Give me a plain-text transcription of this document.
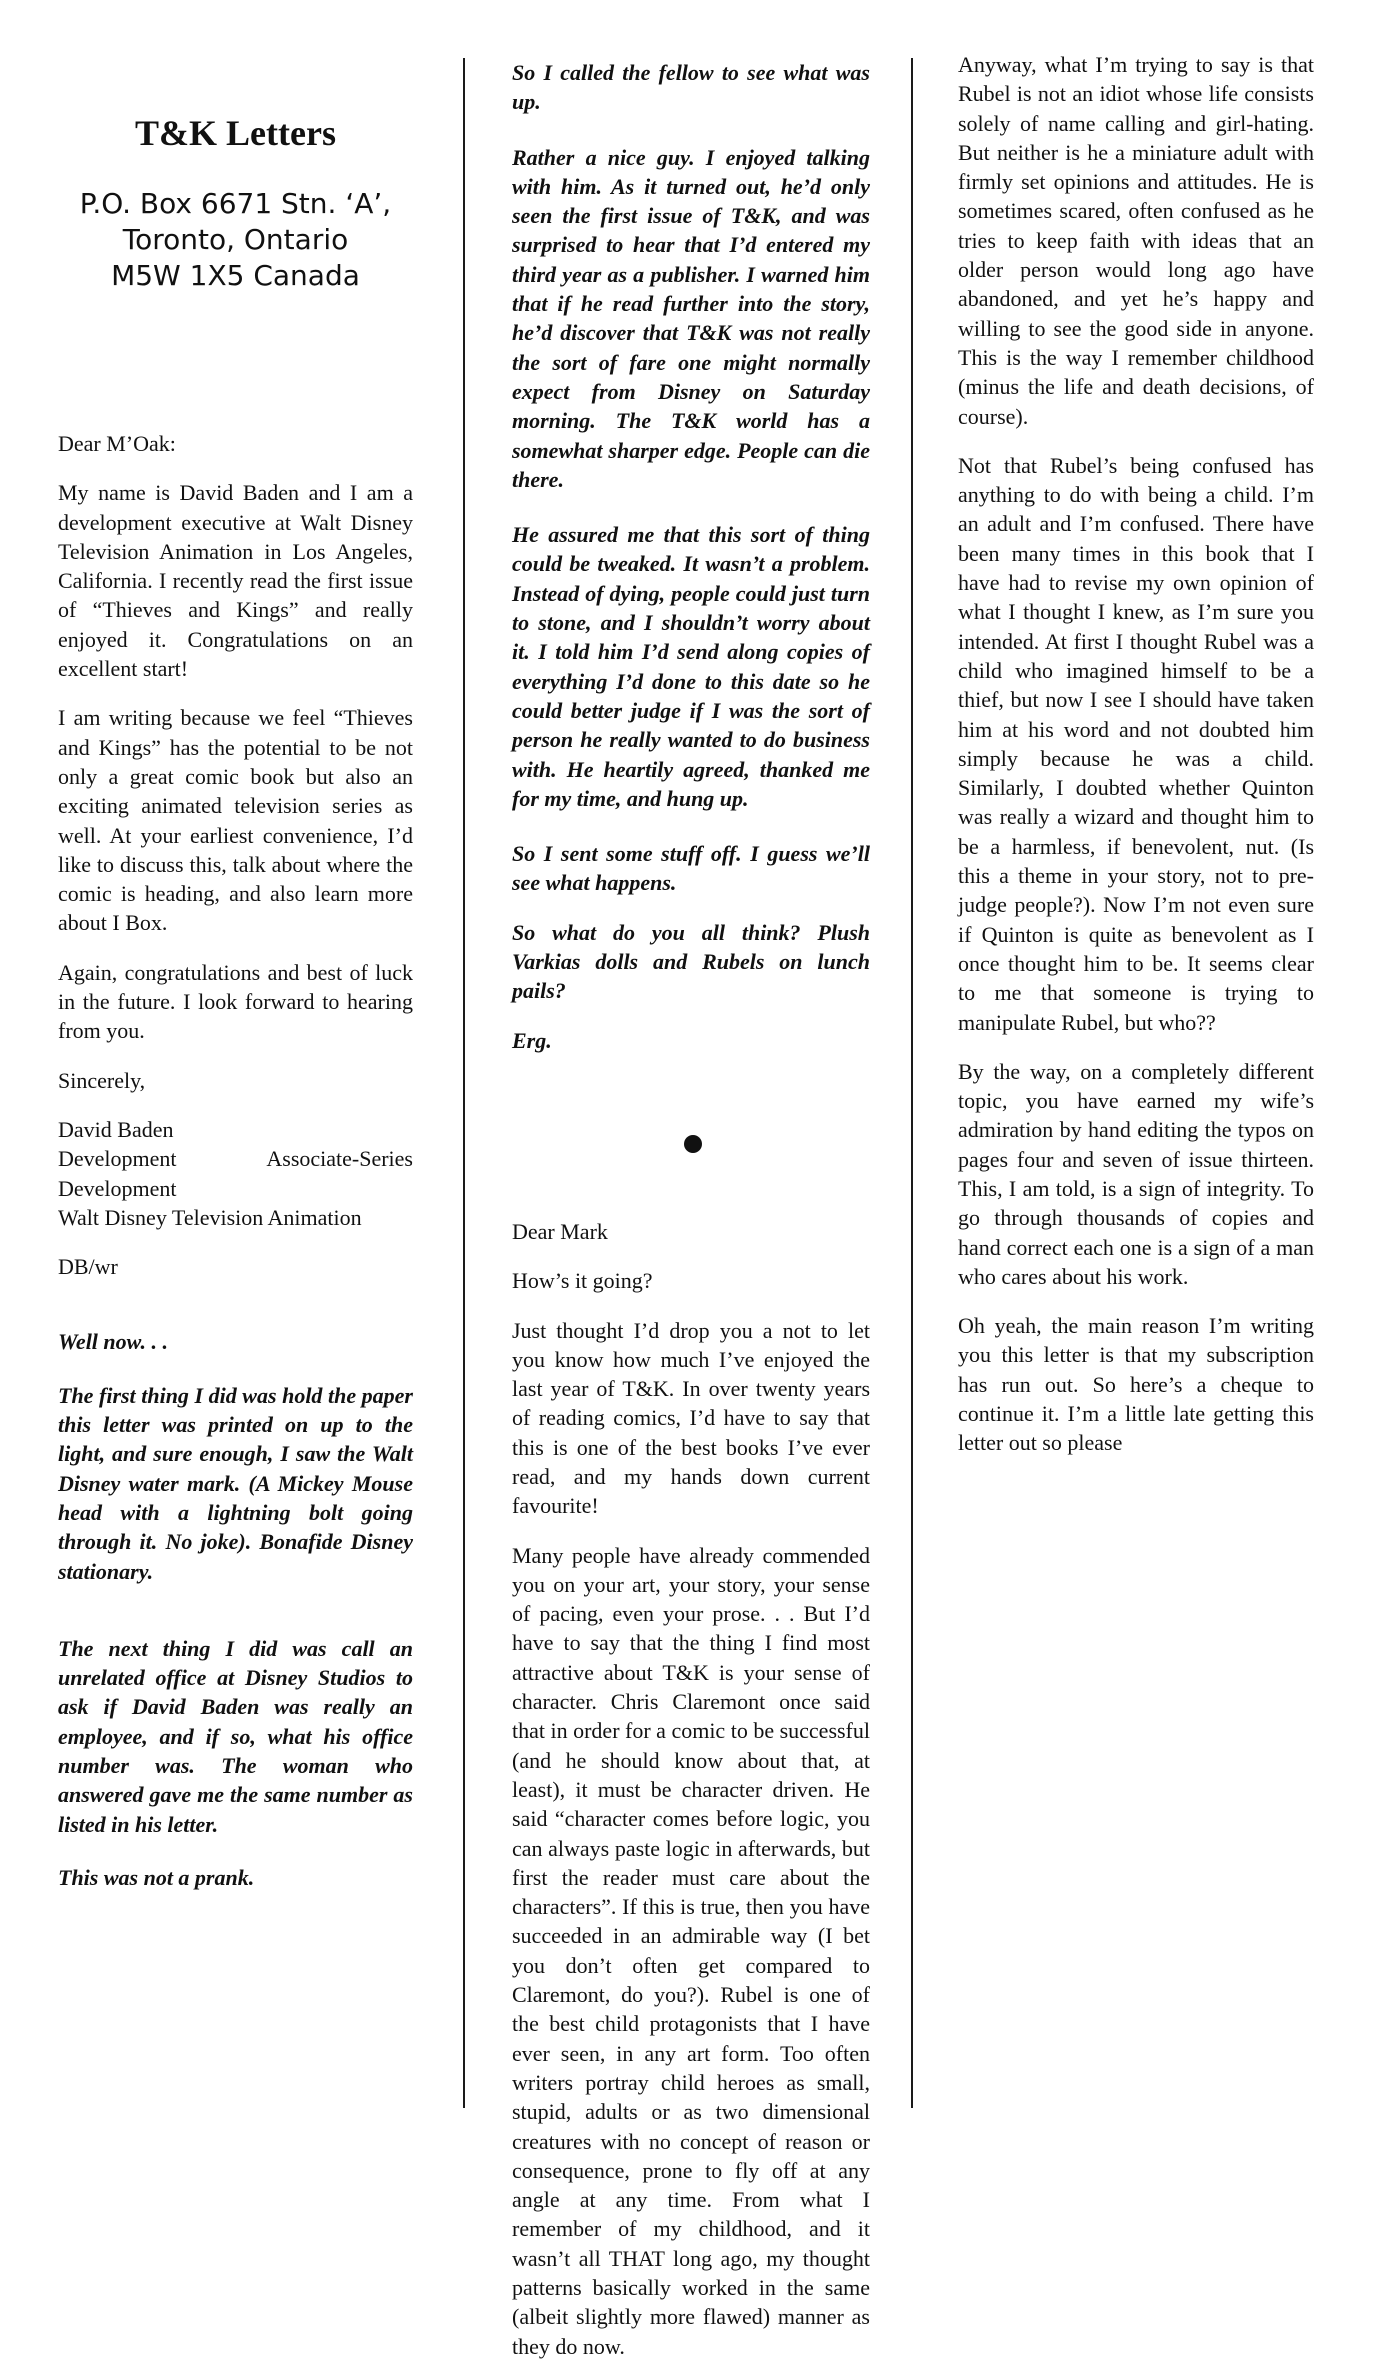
T&K Letters
P.O. Box 6671 Stn. ‘A’,
Toronto, Ontario
M5W 1X5 Canada

Dear M’Oak:

My name is David Baden and I am a development executive at Walt Disney Television Animation in Los Angeles, California. I recently read the first issue of “Thieves and Kings” and really enjoyed it. Congratulations on an excellent start!

I am writing because we feel “Thieves and Kings” has the potential to be not only a great comic book but also an exciting animated television series as well. At your earliest convenience, I’d like to discuss this, talk about where the comic is heading, and also learn more about I Box.

Again, congratulations and best of luck in the future. I look forward to hearing from you.

Sincerely,

David Baden
Development Associate-Series Development
Walt Disney Television Animation

DB/wr

Well now. . .

The first thing I did was hold the paper this letter was printed on up to the light, and sure enough, I saw the Walt Disney water mark. (A Mickey Mouse head with a lightning bolt going through it. No joke). Bonafide Disney stationary.

The next thing I did was call an unrelated office at Disney Studios to ask if David Baden was really an employee, and if so, what his office number was. The woman who answered gave me the same number as listed in his letter.

This was not a prank.

So I called the fellow to see what was up.

Rather a nice guy. I enjoyed talking with him. As it turned out, he’d only seen the first issue of T&K, and was surprised to hear that I’d entered my third year as a publisher. I warned him that if he read further into the story, he’d discover that T&K was not really the sort of fare one might normally expect from Disney on Saturday morning. The T&K world has a somewhat sharper edge. People can die there.

He assured me that this sort of thing could be tweaked. It wasn’t a problem. Instead of dying, people could just turn to stone, and I shouldn’t worry about it. I told him I’d send along copies of everything I’d done to this date so he could better judge if I was the sort of person he really wanted to do business with. He heartily agreed, thanked me for my time, and hung up.

So I sent some stuff off. I guess we’ll see what happens.

So what do you all think? Plush Varkias dolls and Rubels on lunch pails?

Erg.

Dear Mark

How’s it going?

Just thought I’d drop you a not to let you know how much I’ve enjoyed the last year of T&K. In over twenty years of reading comics, I’d have to say that this is one of the best books I’ve ever read, and my hands down current favourite!

Many people have already commended you on your art, your story, your sense of pacing, even your prose. . . But I’d have to say that the thing I find most attractive about T&K is your sense of character. Chris Claremont once said that in order for a comic to be successful (and he should know about that, at least), it must be character driven. He said “character comes before logic, you can always paste logic in afterwards, but first the reader must care about the characters”. If this is true, then you have succeeded in an admirable way (I bet you don’t often get compared to Claremont, do you?). Rubel is one of the best child protagonists that I have ever seen, in any art form. Too often writers portray child heroes as small, stupid, adults or as two dimensional creatures with no concept of reason or consequence, prone to fly off at any angle at any time. From what I remember of my childhood, and it wasn’t all THAT long ago, my thought patterns basically worked in the same (albeit slightly more flawed) manner as they do now.

Anyway, what I’m trying to say is that Rubel is not an idiot whose life consists solely of name calling and girl-hating. But neither is he a miniature adult with firmly set opinions and attitudes. He is sometimes scared, often confused as he tries to keep faith with ideas that an older person would long ago have abandoned, and yet he’s happy and willing to see the good side in anyone. This is the way I remember childhood (minus the life and death decisions, of course).

Not that Rubel’s being confused has anything to do with being a child. I’m an adult and I’m confused. There have been many times in this book that I have had to revise my own opinion of what I thought I knew, as I’m sure you intended. At first I thought Rubel was a child who imagined himself to be a thief, but now I see I should have taken him at his word and not doubted him simply because he was a child. Similarly, I doubted whether Quinton was really a wizard and thought him to be a harmless, if benevolent, nut. (Is this a theme in your story, not to pre-judge people?). Now I’m not even sure if Quinton is quite as benevolent as I once thought him to be. It seems clear to me that someone is trying to manipulate Rubel, but who??

By the way, on a completely different topic, you have earned my wife’s admiration by hand editing the typos on pages four and seven of issue thirteen. This, I am told, is a sign of integrity. To go through thousands of copies and hand correct each one is a sign of a man who cares about his work.

Oh yeah, the main reason I’m writing you this letter is that my subscription has run out. So here’s a cheque to continue it. I’m a little late getting this letter out so please
